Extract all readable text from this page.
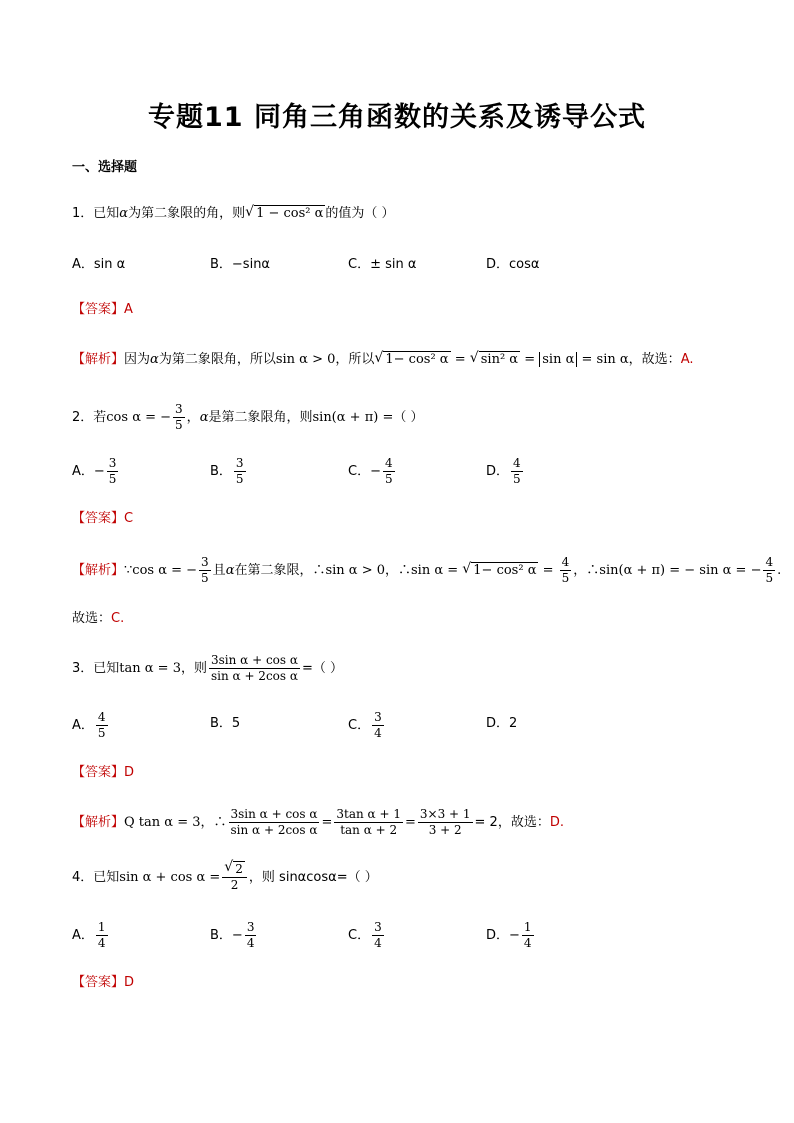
专题11 同角三角函数的关系及诱导公式
一、选择题
1．已知α为第二象限的角，则 √ 1 − cos² α 的值为（ ）
A．sin α	B．−sinα	C．± sin α	D．cosα
【答案】A
【解析】因为α为第二象限角，所以sin α > 0，所以 √ 1− cos² α = √ sin² α = sin α = sin α，故选：A.
2．若cos α = − $\frac{3}{5}$ ，α是第二象限角，则sin(α + π) =（ ）
A．− $\frac{3}{5}$	B． $\frac{3}{5}$	C．− $\frac{4}{5}$	D． $\frac{4}{5}$
【答案】C
【解析】∵cos α = − $\frac{3}{5}$ 且α在第二象限，∴sin α > 0，∴sin α = √ 1− cos² $\alpha = \frac{4}{5}$ ，∴sin(α + π) = − sin α = − $\frac{4}{5}$ .
故选：C.
3．已知tan α = 3，则 $\frac{\text{3sin α + cos α}}{\text{sin α + 2cos α}}$ =（ ）
A． $\frac{4}{5}$	B．5	C． $\frac{3}{4}$	D．2
【答案】D
【解析】Q tan α = 3，∴ $\frac{\text{3sin α + cos α}}{\text{sin α + 2cos α}} = \frac{\text{3tan α + 1}}{\text{tan α + 2}} = \frac{3\times 3 + 1}{3 + 2} = 2$，故选：D.
4．已知sin α + cos α = √ $\frac{2}{2}$ ，则 sinαcosα=（ ）
A． $\frac{1}{4}$	B．− $\frac{3}{4}$	C． $\frac{3}{4}$	D．− $\frac{1}{4}$
【答案】D
